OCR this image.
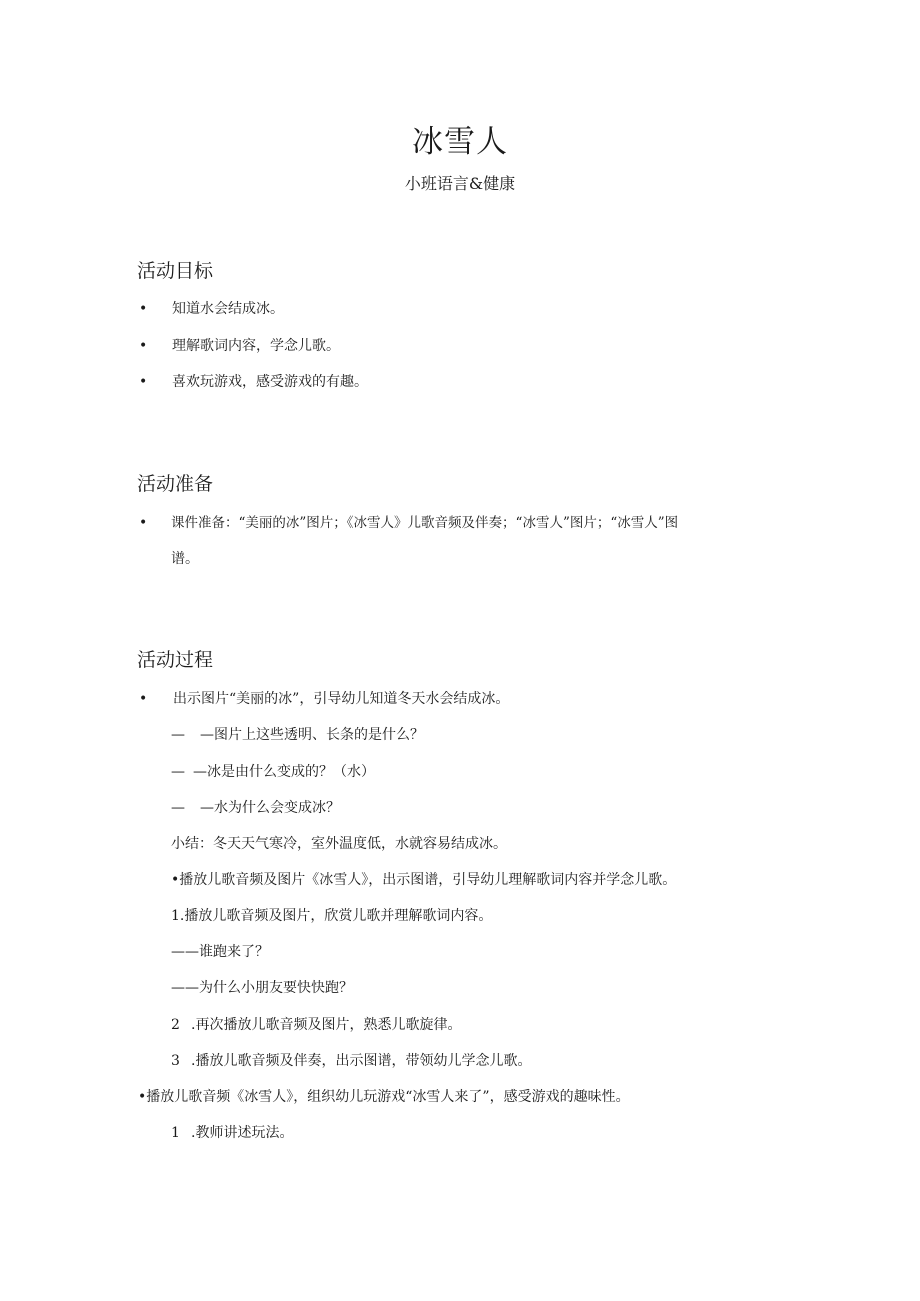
冰雪人
小班语言&健康
活动目标
• 知道水会结成冰。
• 理解歌词内容，学念儿歌。
• 喜欢玩游戏，感受游戏的有趣。
活动准备
• 课件准备：“美丽的冰”图片；《冰雪人》儿歌音频及伴奏；“冰雪人”图片；“冰雪人”图
谱。
活动过程
• 出示图片“美丽的冰”，引导幼儿知道冬天水会结成冰。
— —图片上这些透明、长条的是什么？
— —冰是由什么变成的？（水）
— —水为什么会变成冰？
小结：冬天天气寒冷，室外温度低，水就容易结成冰。
•播放儿歌音频及图片《冰雪人》，出示图谱，引导幼儿理解歌词内容并学念儿歌。
1.播放儿歌音频及图片，欣赏儿歌并理解歌词内容。
——谁跑来了？
——为什么小朋友要快快跑？
2 .再次播放儿歌音频及图片，熟悉儿歌旋律。
3 .播放儿歌音频及伴奏，出示图谱，带领幼儿学念儿歌。
•播放儿歌音频《冰雪人》，组织幼儿玩游戏“冰雪人来了”，感受游戏的趣味性。
1 .教师讲述玩法。
